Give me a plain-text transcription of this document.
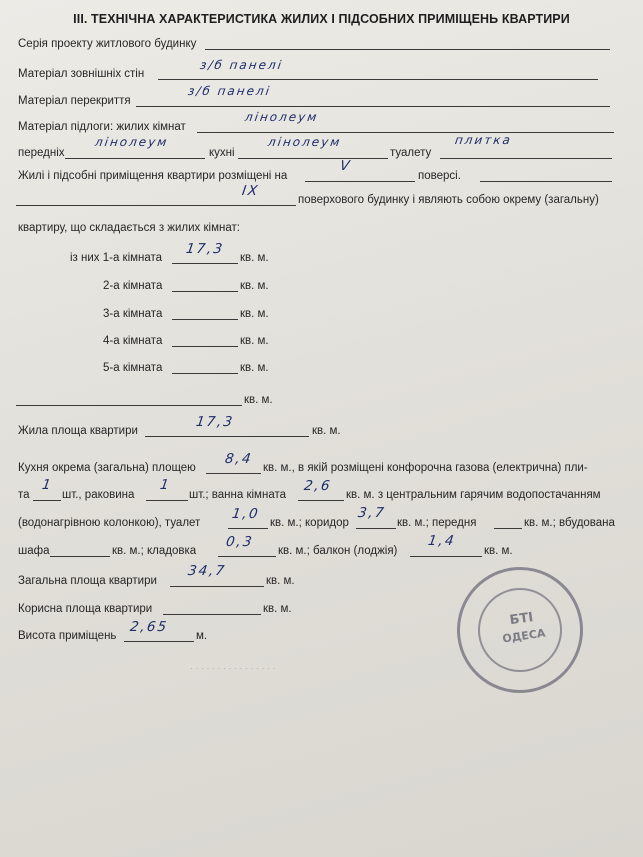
III. ТЕХНІЧНА ХАРАКТЕРИСТИКА ЖИЛИХ І ПІДСОБНИХ ПРИМІЩЕНЬ КВАРТИРИ
Серія проекту житлового будинку
Матеріал зовнішніх стін
з/б панелі
Матеріал перекриття
з/б панелі
Матеріал підлоги: жилих кімнат
лінолеум
передніх
лінолеум
кухні
лінолеум
туалету
плитка
Жилі і підсобні приміщення квартири розміщені на
V
поверсі.
IX
поверхового будинку і являють собою окрему (загальну)
квартиру, що складається з жилих кімнат:
із них 1-а кімната
17,3
кв. м.
2-а кімната	кв. м.
3-а кімната	кв. м.
4-а кімната	кв. м.
5-а кімната	кв. м.
кв. м.
Жила площа квартири
17,3
кв. м.
Кухня окрема (загальна) площею
8,4
кв. м., в якій розміщені конфорочна газова (електрична) пли-
та
1
шт., раковина
1
шт.; ванна кімната
2,6
кв. м. з центральним гарячим водопостачанням
(водонагрівною колонкою), туалет
1,0
кв. м.; коридор
3,7
кв. м.; передня	кв. м.; вбудована
шафа	кв. м.; кладовка
0,3
кв. м.; балкон (лоджія)
1,4
кв. м.
Загальна площа квартири
34,7
кв. м.
Корисна площа квартири	кв. м.
Висота приміщень
2,65
м.
· · · · · · · · · · · · · · · ·
БТІ
ОДЕСА
